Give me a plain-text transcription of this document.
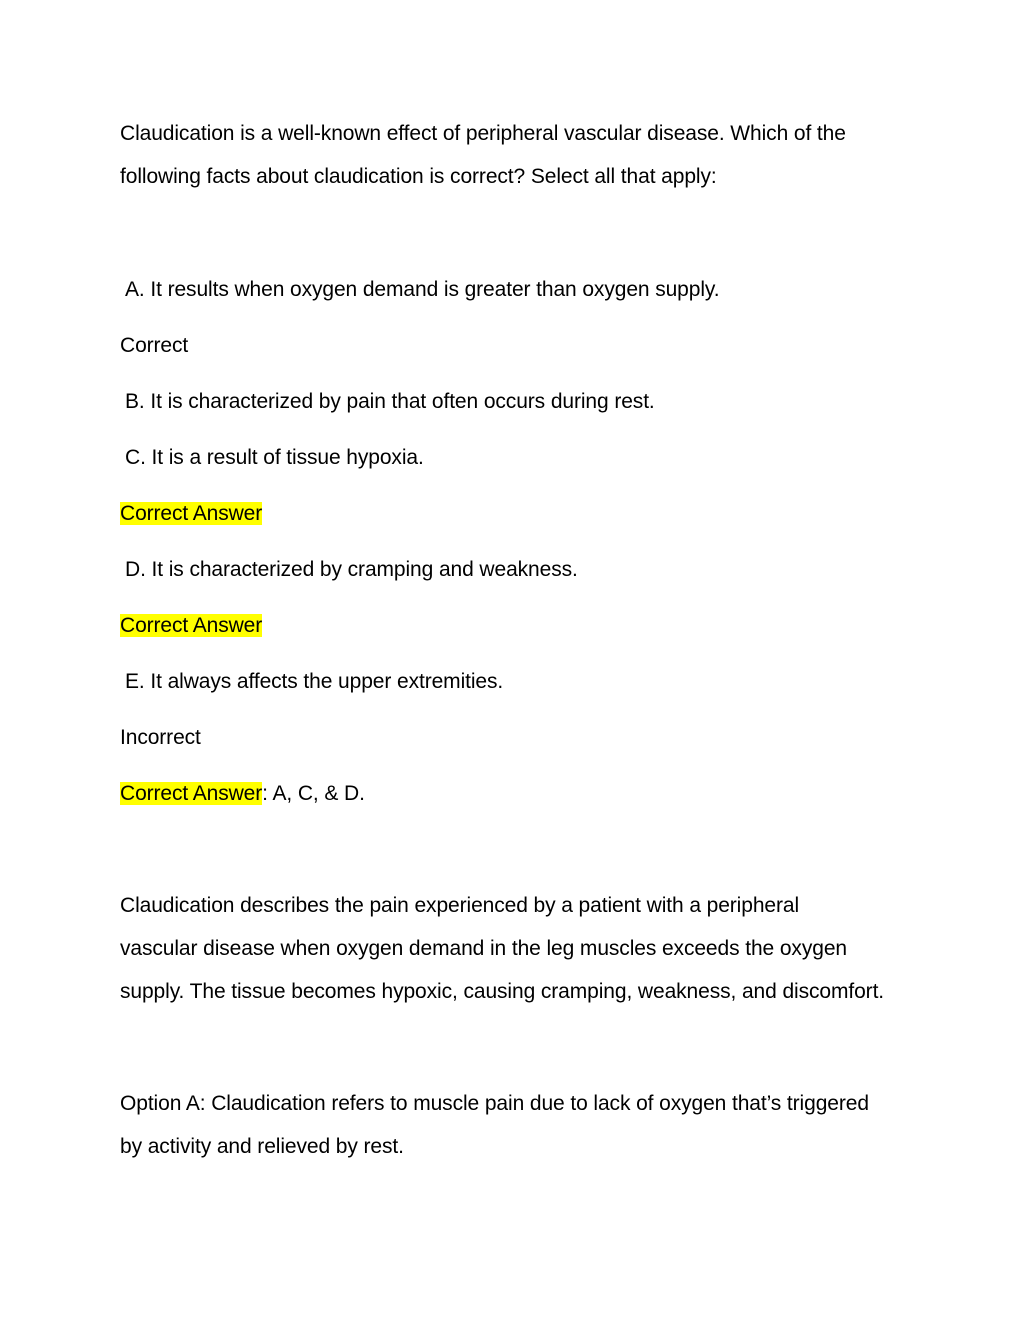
Claudication is a well-known effect of peripheral vascular disease. Which of the
following facts about claudication is correct? Select all that apply:
A. It results when oxygen demand is greater than oxygen supply.
Correct
B. It is characterized by pain that often occurs during rest.
C. It is a result of tissue hypoxia.
Correct Answer
D. It is characterized by cramping and weakness.
Correct Answer
E. It always affects the upper extremities.
Incorrect
Correct Answer: A, C, & D.
Claudication describes the pain experienced by a patient with a peripheral
vascular disease when oxygen demand in the leg muscles exceeds the oxygen
supply. The tissue becomes hypoxic, causing cramping, weakness, and discomfort.
Option A: Claudication refers to muscle pain due to lack of oxygen that’s triggered
by activity and relieved by rest.
